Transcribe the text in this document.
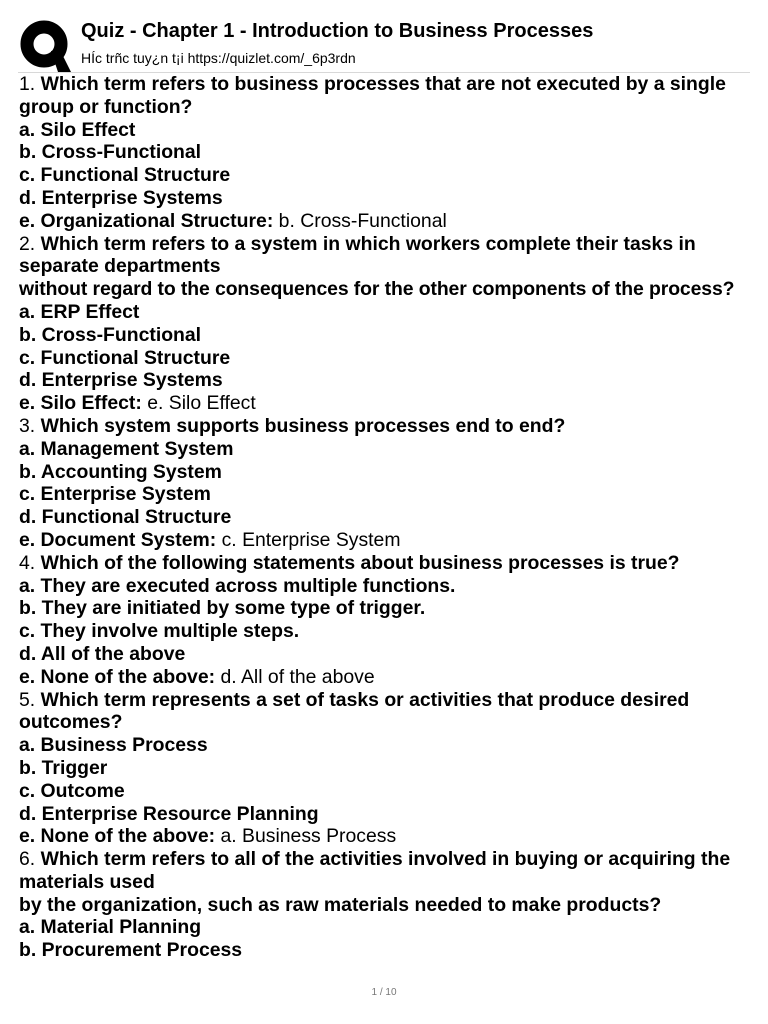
Quiz - Chapter 1 - Introduction to Business Processes
HÍc trñc tuy¿n t¡i https://quizlet.com/_6p3rdn
1. Which term refers to business processes that are not executed by a single group or function?
a. Silo Effect
b. Cross-Functional
c. Functional Structure
d. Enterprise Systems
e. Organizational Structure: b. Cross-Functional
2. Which term refers to a system in which workers complete their tasks in separate departments
without regard to the consequences for the other components of the process?
a. ERP Effect
b. Cross-Functional
c. Functional Structure
d. Enterprise Systems
e. Silo Effect: e. Silo Effect
3. Which system supports business processes end to end?
a. Management System
b. Accounting System
c. Enterprise System
d. Functional Structure
e. Document System: c. Enterprise System
4. Which of the following statements about business processes is true?
a. They are executed across multiple functions.
b. They are initiated by some type of trigger.
c. They involve multiple steps.
d. All of the above
e. None of the above: d. All of the above
5. Which term represents a set of tasks or activities that produce desired outcomes?
a. Business Process
b. Trigger
c. Outcome
d. Enterprise Resource Planning
e. None of the above: a. Business Process
6. Which term refers to all of the activities involved in buying or acquiring the materials used
by the organization, such as raw materials needed to make products?
a. Material Planning
b. Procurement Process
1 / 10
